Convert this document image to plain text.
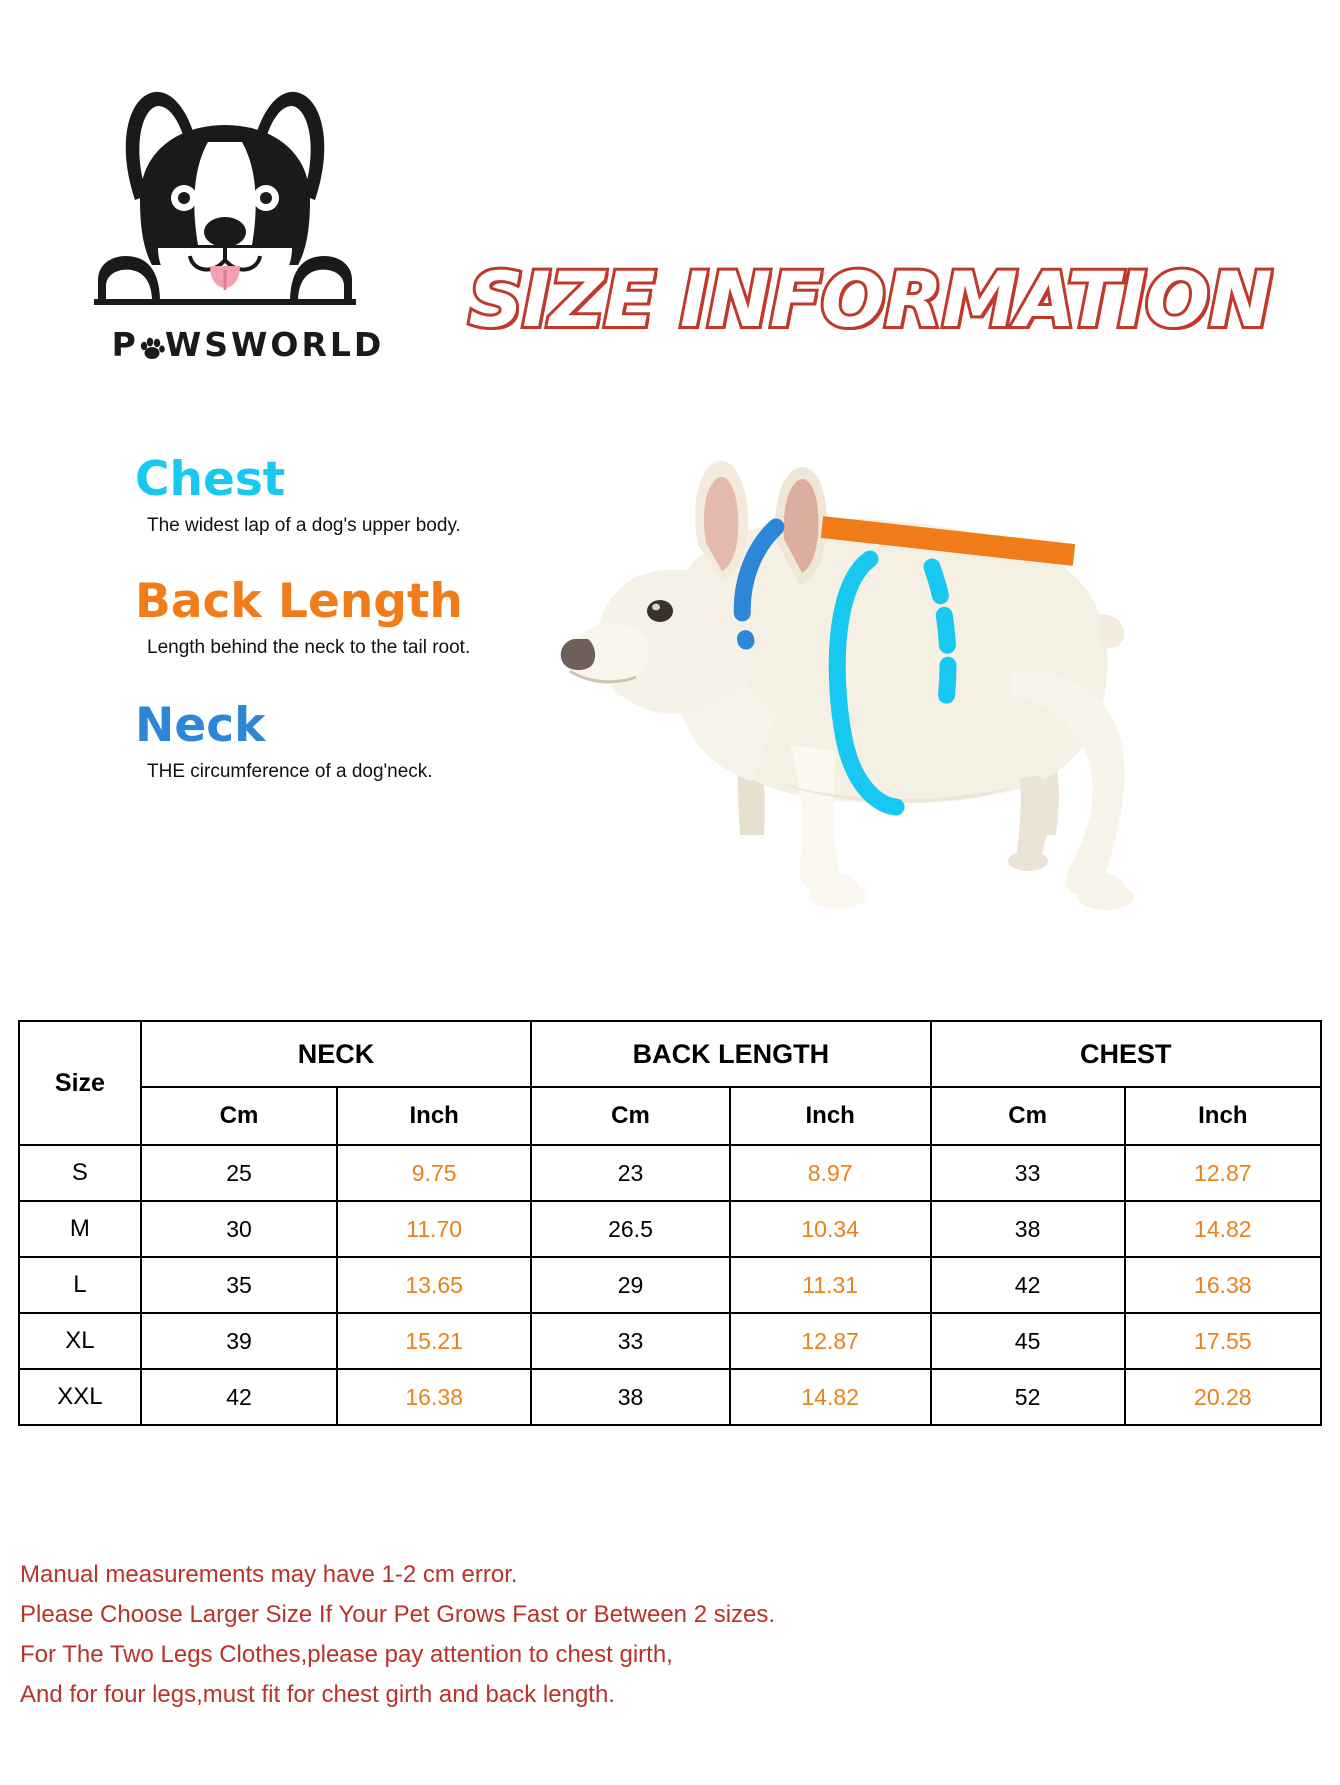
P WSWORLD
SIZE INFORMATION

Chest

The widest lap of a dog's upper body.

Back Length

Length behind the neck to the tail root.

Neck

THE circumference of a dog'neck.

Size	NECK		BACK LENGTH		CHEST	
	Cm	Inch	Cm	Inch	Cm	Inch
S	25	9.75	23	8.97	33	12.87
M	30	11.70	26.5	10.34	38	14.82
L	35	13.65	29	11.31	42	16.38
XL	39	15.21	33	12.87	45	17.55
XXL	42	16.38	38	14.82	52	20.28

Manual measurements may have 1-2 cm error.

Please Choose Larger Size If Your Pet Grows Fast or Between 2 sizes.

For The Two Legs Clothes,please pay attention to chest girth,

And for four legs,must fit for chest girth and back length.
